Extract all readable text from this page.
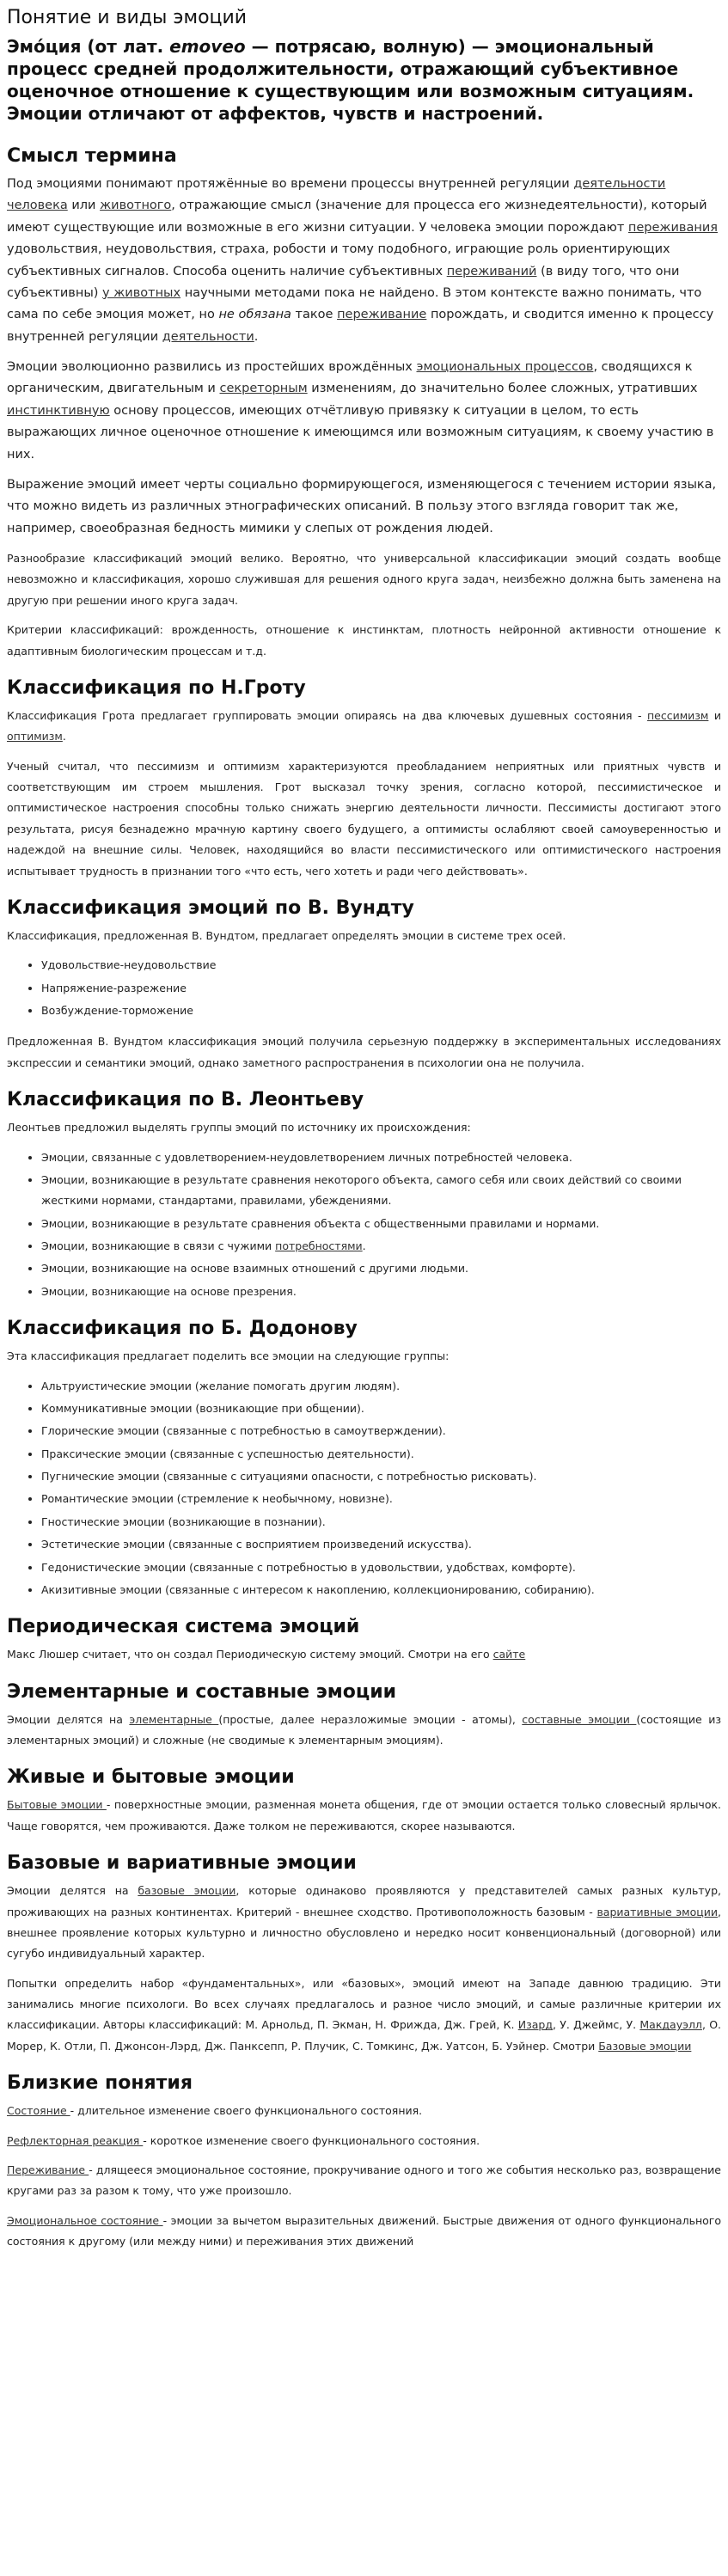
Понятие и виды эмоций
Эмо́ция (от лат. emoveo — потрясаю, волную) — эмоциональный процесс средней продолжительности, отражающий субъективное оценочное отношение к существующим или возможным ситуациям. Эмоции отличают от аффектов, чувств и настроений.
Смысл термина

Под эмоциями понимают протяжённые во времени процессы внутренней регуляции деятельности человека или животного, отражающие смысл (значение для процесса его жизнедеятельности), который имеют существующие или возможные в его жизни ситуации. У человека эмоции порождают переживания удовольствия, неудовольствия, страха, робости и тому подобного, играющие роль ориентирующих субъективных сигналов. Способа оценить наличие субъективных переживаний (в виду того, что они субъективны) у животных научными методами пока не найдено. В этом контексте важно понимать, что сама по себе эмоция может, но не обязана такое переживание порождать, и сводится именно к процессу внутренней регуляции деятельности.

Эмоции эволюционно развились из простейших врождённых эмоциональных процессов, сводящихся к органическим, двигательным и секреторным изменениям, до значительно более сложных, утративших инстинктивную основу процессов, имеющих отчётливую привязку к ситуации в целом, то есть выражающих личное оценочное отношение к имеющимся или возможным ситуациям, к своему участию в них.

Выражение эмоций имеет черты социально формирующегося, изменяющегося с течением истории языка, что можно видеть из различных этнографических описаний. В пользу этого взгляда говорит так же, например, своеобразная бедность мимики у слепых от рождения людей.

Разнообразие классификаций эмоций велико. Вероятно, что универсальной классификации эмоций создать вообще невозможно и классификация, хорошо служившая для решения одного круга задач, неизбежно должна быть заменена на другую при решении иного круга задач.

Критерии классификаций: врожденность, отношение к инстинктам, плотность нейронной активности отношение к адаптивным биологическим процессам и т.д.

Классификация по Н.Гроту

Классификация Грота предлагает группировать эмоции опираясь на два ключевых душевных состояния - пессимизм и оптимизм.

Ученый считал, что пессимизм и оптимизм характеризуются преобладанием неприятных или приятных чувств и соответствующим им строем мышления. Грот высказал точку зрения, согласно которой, пессимистическое и оптимистическое настроения способны только снижать энергию деятельности личности. Пессимисты достигают этого результата, рисуя безнадежно мрачную картину своего будущего, а оптимисты ослабляют своей самоуверенностью и надеждой на внешние силы. Человек, находящийся во власти пессимистического или оптимистического настроения испытывает трудность в признании того «что есть, чего хотеть и ради чего действовать».

Классификация эмоций по В. Вундту

Классификация, предложенная В. Вундтом, предлагает определять эмоции в системе трех осей.

• Удовольствие-неудовольствие
• Напряжение-разрежение
• Возбуждение-торможение

Предложенная В. Вундтом классификация эмоций получила серьезную поддержку в экспериментальных исследованиях экспрессии и семантики эмоций, однако заметного распространения в психологии она не получила.

Классификация по В. Леонтьеву

Леонтьев предложил выделять группы эмоций по источнику их происхождения:

• Эмоции, связанные с удовлетворением-неудовлетворением личных потребностей человека.
• Эмоции, возникающие в результате сравнения некоторого объекта, самого себя или своих действий со своими жесткими нормами, стандартами, правилами, убеждениями.
• Эмоции, возникающие в результате сравнения объекта с общественными правилами и нормами.
• Эмоции, возникающие в связи с чужими потребностями.
• Эмоции, возникающие на основе взаимных отношений с другими людьми.
• Эмоции, возникающие на основе презрения.
Классификация по Б. Додонову

Эта классификация предлагает поделить все эмоции на следующие группы:

• Альтруистические эмоции (желание помогать другим людям).
• Коммуникативные эмоции (возникающие при общении).
• Глорические эмоции (связанные с потребностью в самоутверждении).
• Праксические эмоции (связанные с успешностью деятельности).
• Пугнические эмоции (связанные с ситуациями опасности, с потребностью рисковать).
• Романтические эмоции (стремление к необычному, новизне).
• Гностические эмоции (возникающие в познании).
• Эстетические эмоции (связанные с восприятием произведений искусства).
• Гедонистические эмоции (связанные с потребностью в удовольствии, удобствах, комфорте).
• Акизитивные эмоции (связанные с интересом к накоплению, коллекционированию, собиранию).
Периодическая система эмоций

Макс Люшер считает, что он создал Периодическую систему эмоций. Смотри на его сайте

Элементарные и составные эмоции

Эмоции делятся на элементарные (простые, далее неразложимые эмоции - атомы), составные эмоции (состоящие из элементарных эмоций) и сложные (не сводимые к элементарным эмоциям).

Живые и бытовые эмоции

Бытовые эмоции - поверхностные эмоции, разменная монета общения, где от эмоции остается только словесный ярлычок. Чаще говорятся, чем проживаются. Даже толком не переживаются, скорее называются.

Базовые и вариативные эмоции

Эмоции делятся на базовые эмоции, которые одинаково проявляются у представителей самых разных культур, проживающих на разных континентах. Критерий - внешнее сходство. Противоположность базовым - вариативные эмоции, внешнее проявление которых культурно и личностно обусловлено и нередко носит конвенциональный (договорной) или сугубо индивидуальный характер.

Попытки определить набор «фундаментальных», или «базовых», эмоций имеют на Западе давнюю традицию. Эти занимались многие психологи. Во всех случаях предлагалось и разное число эмоций, и самые различные критерии их классификации. Авторы классификаций: М. Арнольд, П. Экман, Н. Фрижда, Дж. Грей, К. Изард, У. Джеймс, У. Макдауэлл, О. Морер, К. Отли, П. Джонсон-Лэрд, Дж. Панксепп, Р. Плучик, С. Томкинс, Дж. Уатсон, Б. Уэйнер. Смотри Базовые эмоции

Близкие понятия

Состояние - длительное изменение своего функционального состояния.

Рефлекторная реакция - короткое изменение своего функционального состояния.

Переживание - длящееся эмоциональное состояние, прокручивание одного и того же события несколько раз, возвращение кругами раз за разом к тому, что уже произошло.

Эмоциональное состояние - эмоции за вычетом выразительных движений. Быстрые движения от одного функционального состояния к другому (или между ними) и переживания этих движений
